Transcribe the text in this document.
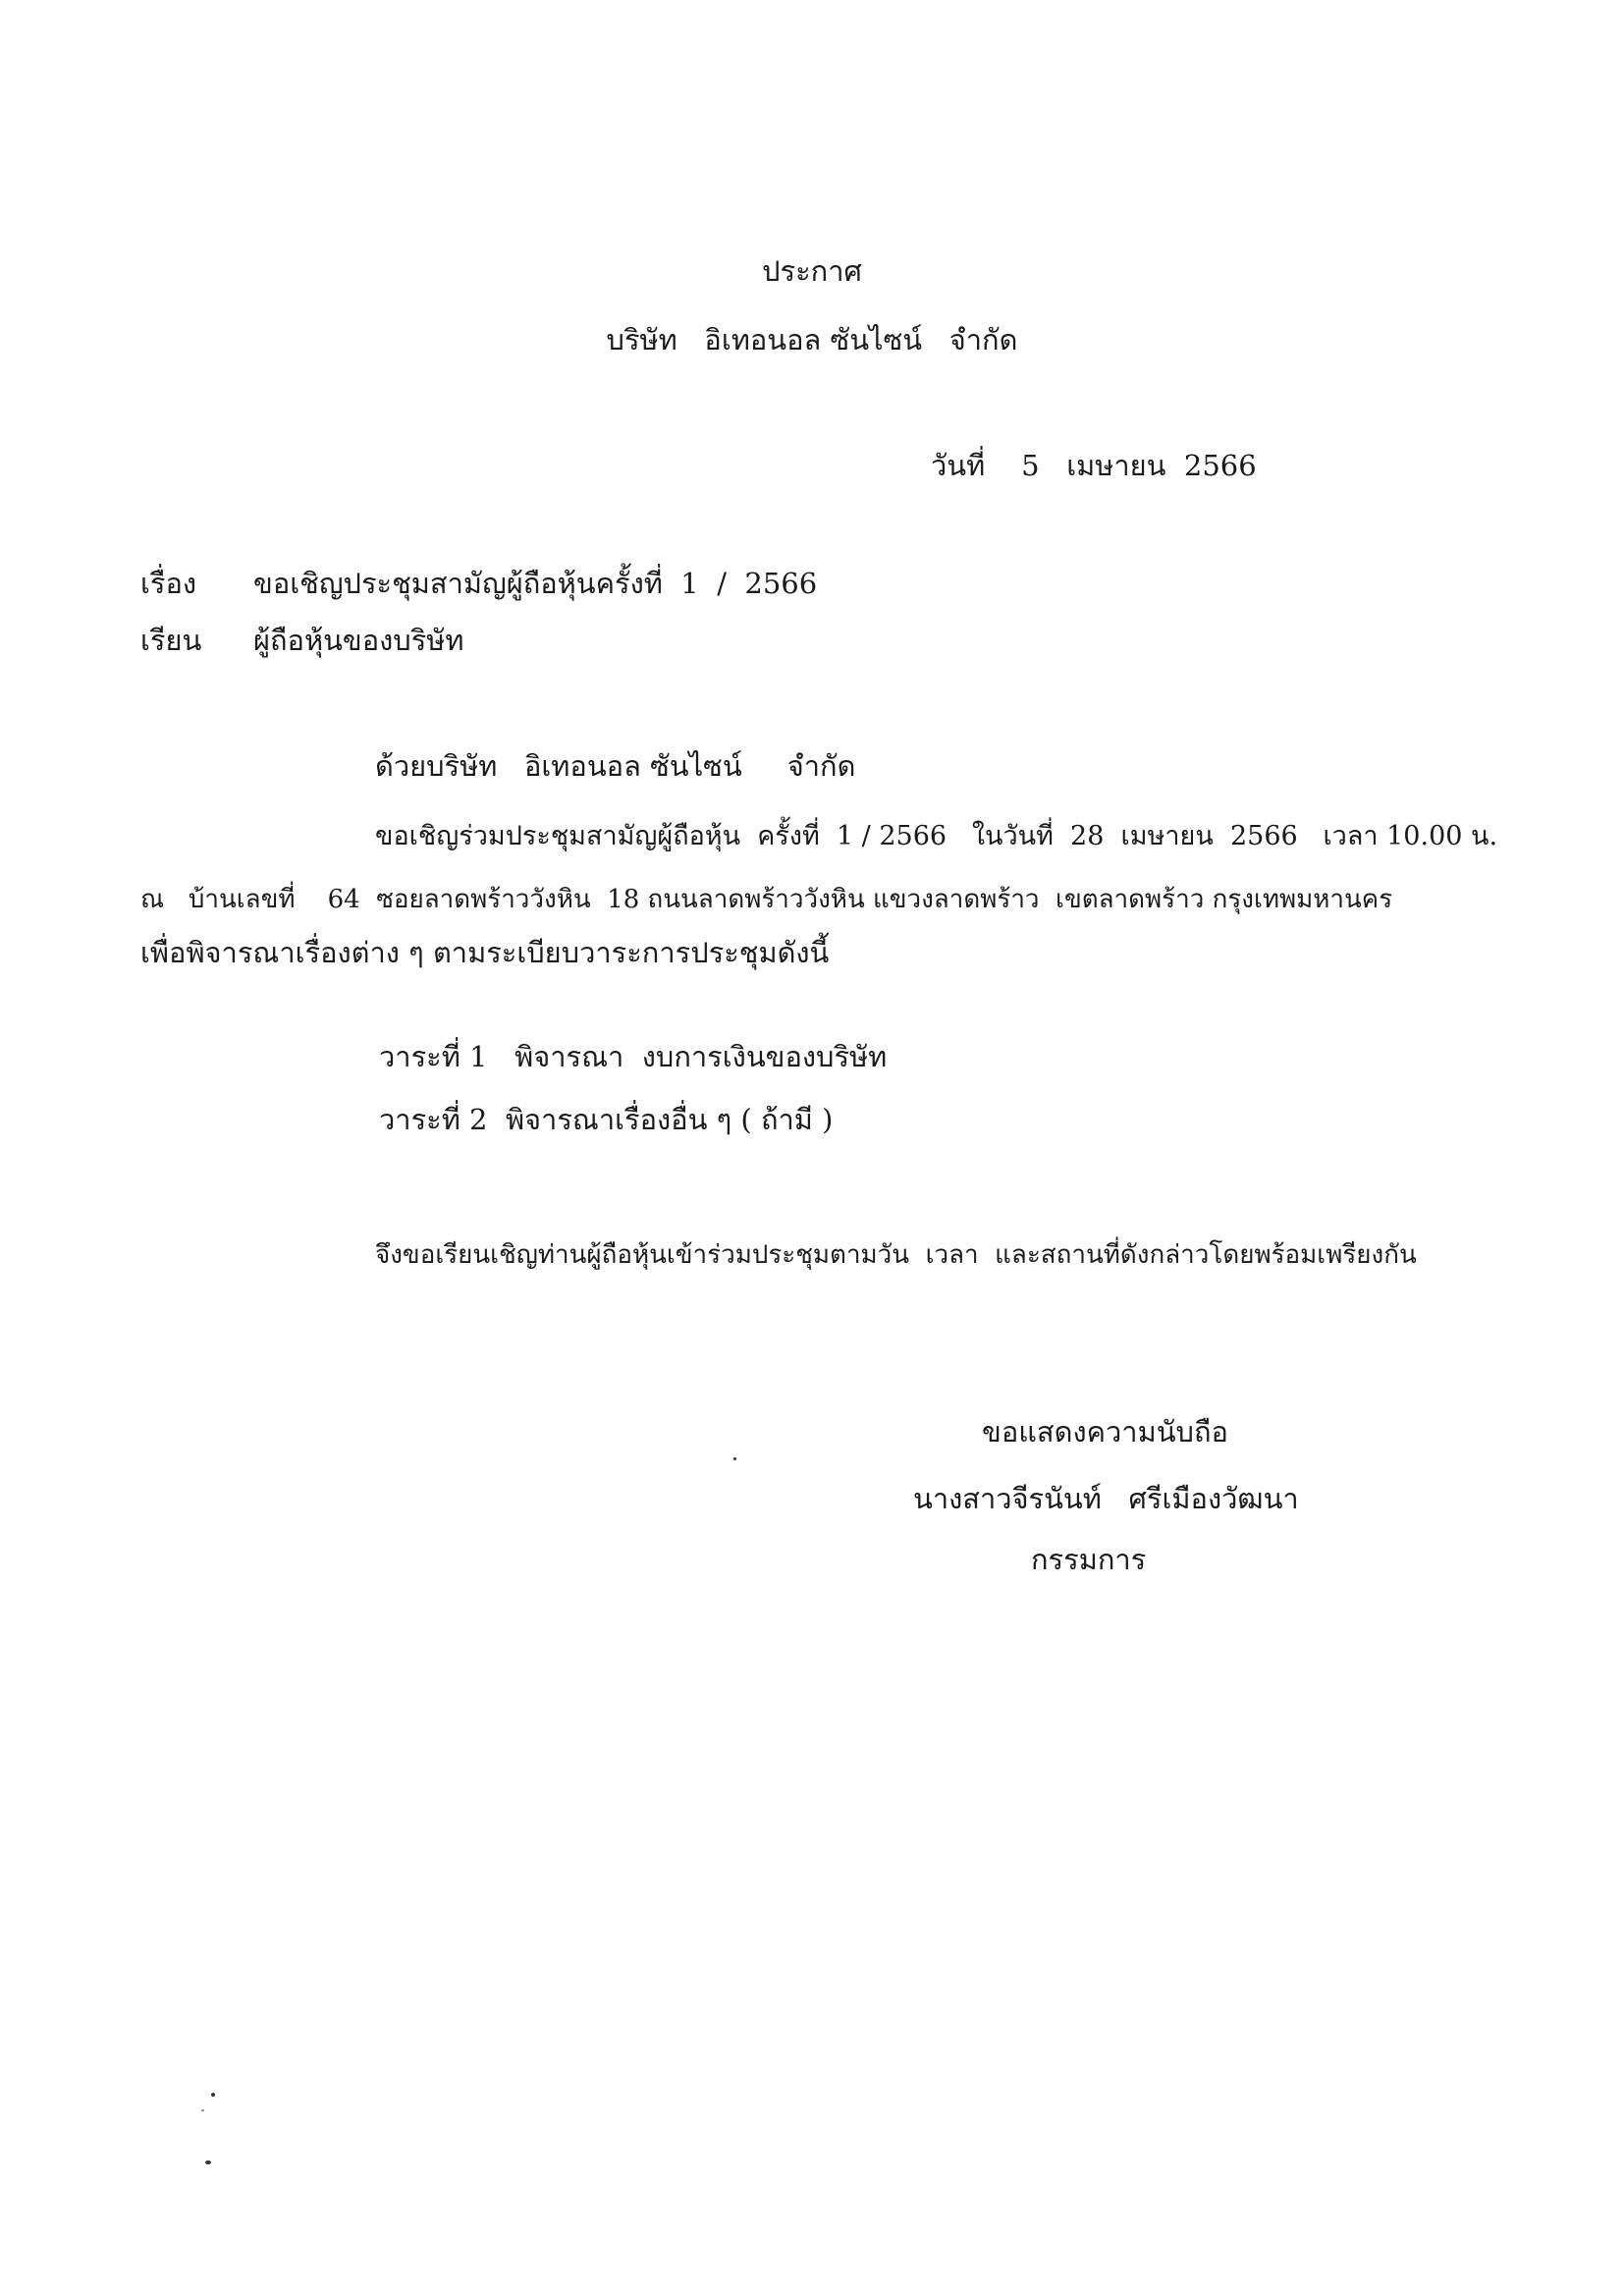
ประกาศ
บริษัท   อิเทอนอล ซันไซน์   จำกัด
วันที่    5   เมษายน  2566
เรื่อง ขอเชิญประชุมสามัญผู้ถือหุ้นครั้งที่  1  /  2566
เรียน ผู้ถือหุ้นของบริษัท
ด้วยบริษัท   อิเทอนอล ซันไซน์     จำกัด
ขอเชิญร่วมประชุมสามัญผู้ถือหุ้น  ครั้งที่  1 / 2566   ในวันที่  28  เมษายน  2566   เวลา 10.00 น.
ณ   บ้านเลขที่    64  ซอยลาดพร้าววังหิน  18 ถนนลาดพร้าววังหิน แขวงลาดพร้าว  เขตลาดพร้าว กรุงเทพมหานคร
เพื่อพิจารณาเรื่องต่าง ๆ ตามระเบียบวาระการประชุมดังนี้
วาระที่ 1   พิจารณา  งบการเงินของบริษัท
วาระที่ 2  พิจารณาเรื่องอื่น ๆ ( ถ้ามี )
จึงขอเรียนเชิญท่านผู้ถือหุ้นเข้าร่วมประชุมตามวัน  เวลา  และสถานที่ดังกล่าวโดยพร้อมเพรียงกัน
ขอแสดงความนับถือ
นางสาวจีรนันท์   ศรีเมืองวัฒนา
กรรมการ
